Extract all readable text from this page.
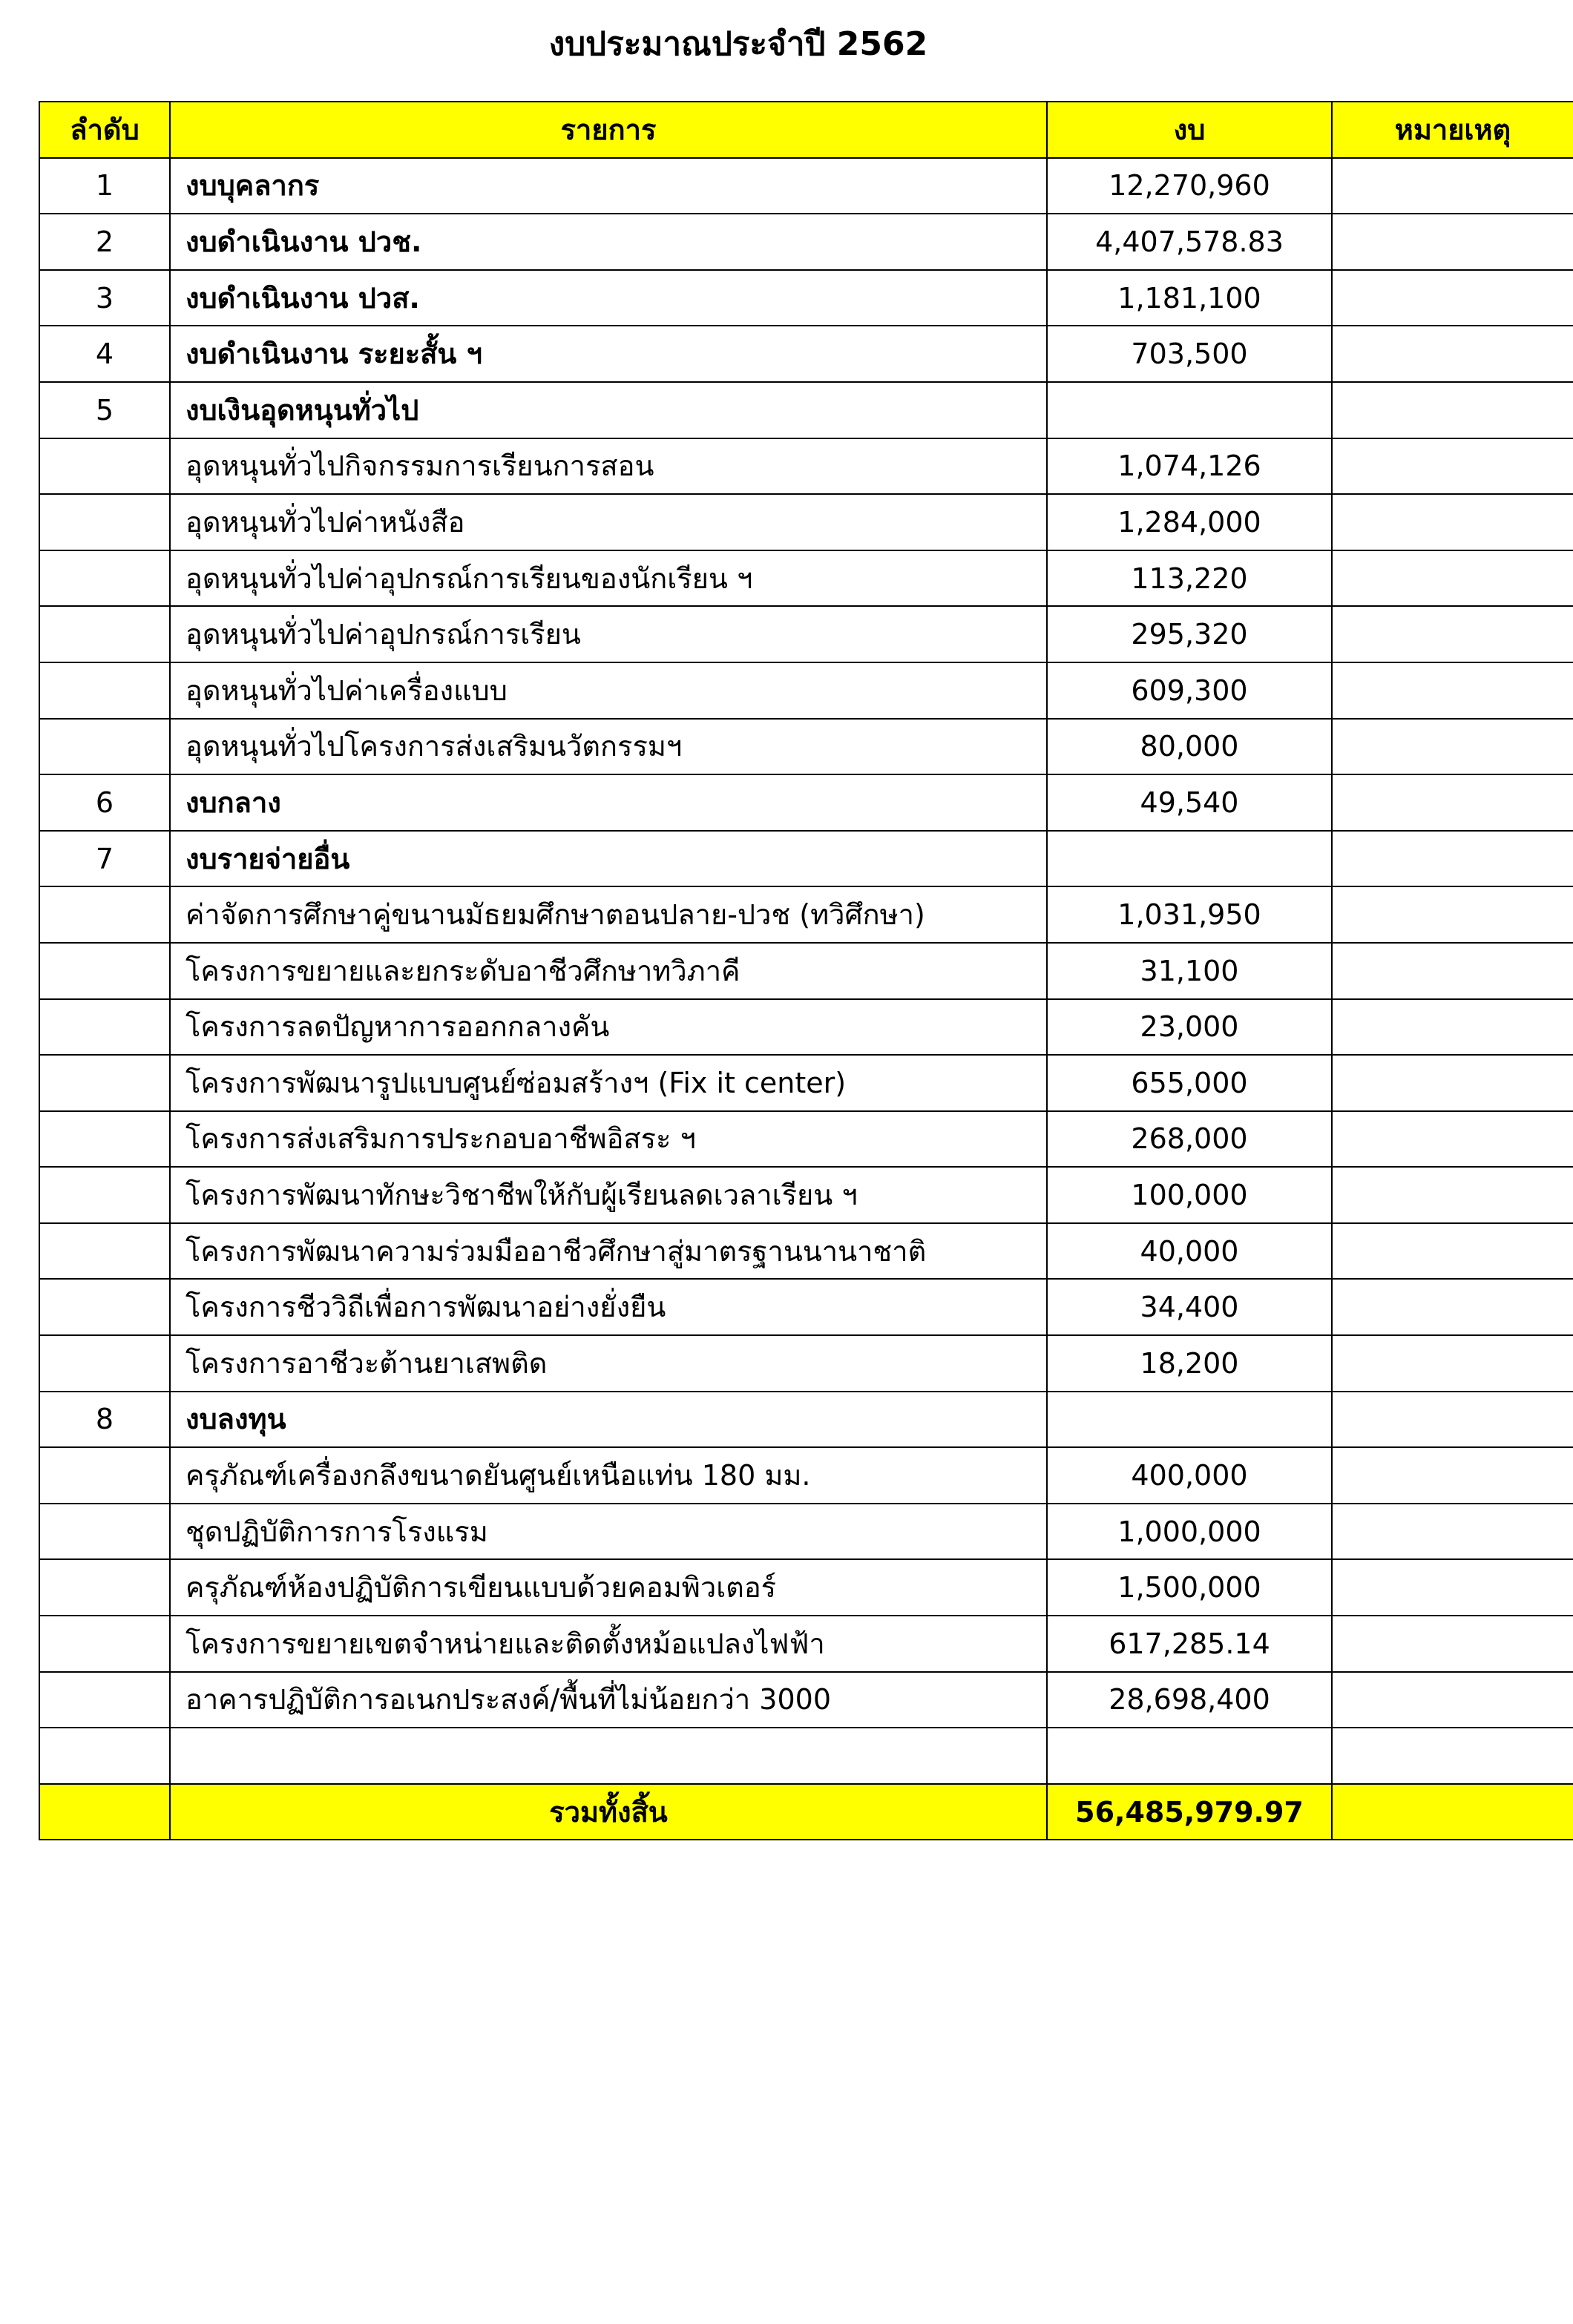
งบประมาณประจำปี 2562
ลำดับ	รายการ	งบ	หมายเหตุ
1	งบบุคลากร	12,270,960	
2	งบดำเนินงาน ปวช.	4,407,578.83	
3	งบดำเนินงาน ปวส.	1,181,100	
4	งบดำเนินงาน ระยะสั้น ฯ	703,500	
5	งบเงินอุดหนุนทั่วไป		
	อุดหนุนทั่วไปกิจกรรมการเรียนการสอน	1,074,126	
	อุดหนุนทั่วไปค่าหนังสือ	1,284,000	
	อุดหนุนทั่วไปค่าอุปกรณ์การเรียนของนักเรียน ฯ	113,220	
	อุดหนุนทั่วไปค่าอุปกรณ์การเรียน	295,320	
	อุดหนุนทั่วไปค่าเครื่องแบบ	609,300	
	อุดหนุนทั่วไปโครงการส่งเสริมนวัตกรรมฯ	80,000	
6	งบกลาง	49,540	
7	งบรายจ่ายอื่น		
	ค่าจัดการศึกษาคู่ขนานมัธยมศึกษาตอนปลาย-ปวช (ทวิศึกษา)	1,031,950	
	โครงการขยายและยกระดับอาชีวศึกษาทวิภาคี	31,100	
	โครงการลดปัญหาการออกกลางคัน	23,000	
	โครงการพัฒนารูปแบบศูนย์ซ่อมสร้างฯ (Fix it center)	655,000	
	โครงการส่งเสริมการประกอบอาชีพอิสระ ฯ	268,000	
	โครงการพัฒนาทักษะวิชาชีพให้กับผู้เรียนลดเวลาเรียน ฯ	100,000	
	โครงการพัฒนาความร่วมมืออาชีวศึกษาสู่มาตรฐานนานาชาติ	40,000	
	โครงการชีววิถีเพื่อการพัฒนาอย่างยั่งยืน	34,400	
	โครงการอาชีวะต้านยาเสพติด	18,200	
8	งบลงทุน		
	ครุภัณฑ์เครื่องกลึงขนาดยันศูนย์เหนือแท่น 180 มม.	400,000	
	ชุดปฏิบัติการการโรงแรม	1,000,000	
	ครุภัณฑ์ห้องปฏิบัติการเขียนแบบด้วยคอมพิวเตอร์	1,500,000	
	โครงการขยายเขตจำหน่ายและติดตั้งหม้อแปลงไฟฟ้า	617,285.14	
	อาคารปฏิบัติการอเนกประสงค์/พื้นที่ไม่น้อยกว่า 3000	28,698,400	

	รวมทั้งสิ้น	56,485,979.97	
